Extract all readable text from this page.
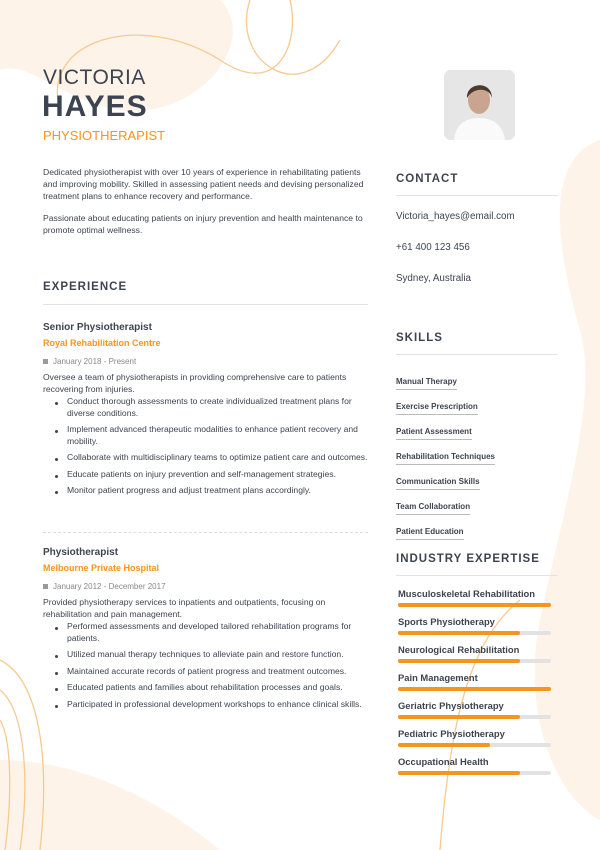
VICTORIA
HAYES
PHYSIOTHERAPIST

Dedicated physiotherapist with over 10 years of experience in rehabilitating patients and improving mobility. Skilled in assessing patient needs and devising personalized treatment plans to enhance recovery and performance.

Passionate about educating patients on injury prevention and health maintenance to promote optimal wellness.

EXPERIENCE
Senior Physiotherapist
Royal Rehabilitation Centre
January 2018 - Present

Oversee a team of physiotherapists in providing comprehensive care to patients recovering from injuries.

Conduct thorough assessments to create individualized treatment plans for diverse conditions.
Implement advanced therapeutic modalities to enhance patient recovery and mobility.
Collaborate with multidisciplinary teams to optimize patient care and outcomes.
Educate patients on injury prevention and self-management strategies.
Monitor patient progress and adjust treatment plans accordingly.
Physiotherapist
Melbourne Private Hospital
January 2012 - December 2017

Provided physiotherapy services to inpatients and outpatients, focusing on rehabilitation and pain management.

Performed assessments and developed tailored rehabilitation programs for patients.
Utilized manual therapy techniques to alleviate pain and restore function.
Maintained accurate records of patient progress and treatment outcomes.
Educated patients and families about rehabilitation processes and goals.
Participated in professional development workshops to enhance clinical skills.
CONTACT
Victoria_hayes@email.com
+61 400 123 456
Sydney, Australia
SKILLS
Manual Therapy
Exercise Prescription
Patient Assessment
Rehabilitation Techniques
Communication Skills
Team Collaboration
Patient Education
INDUSTRY EXPERTISE
Musculoskeletal Rehabilitation
Sports Physiotherapy
Neurological Rehabilitation
Pain Management
Geriatric Physiotherapy
Pediatric Physiotherapy
Occupational Health
